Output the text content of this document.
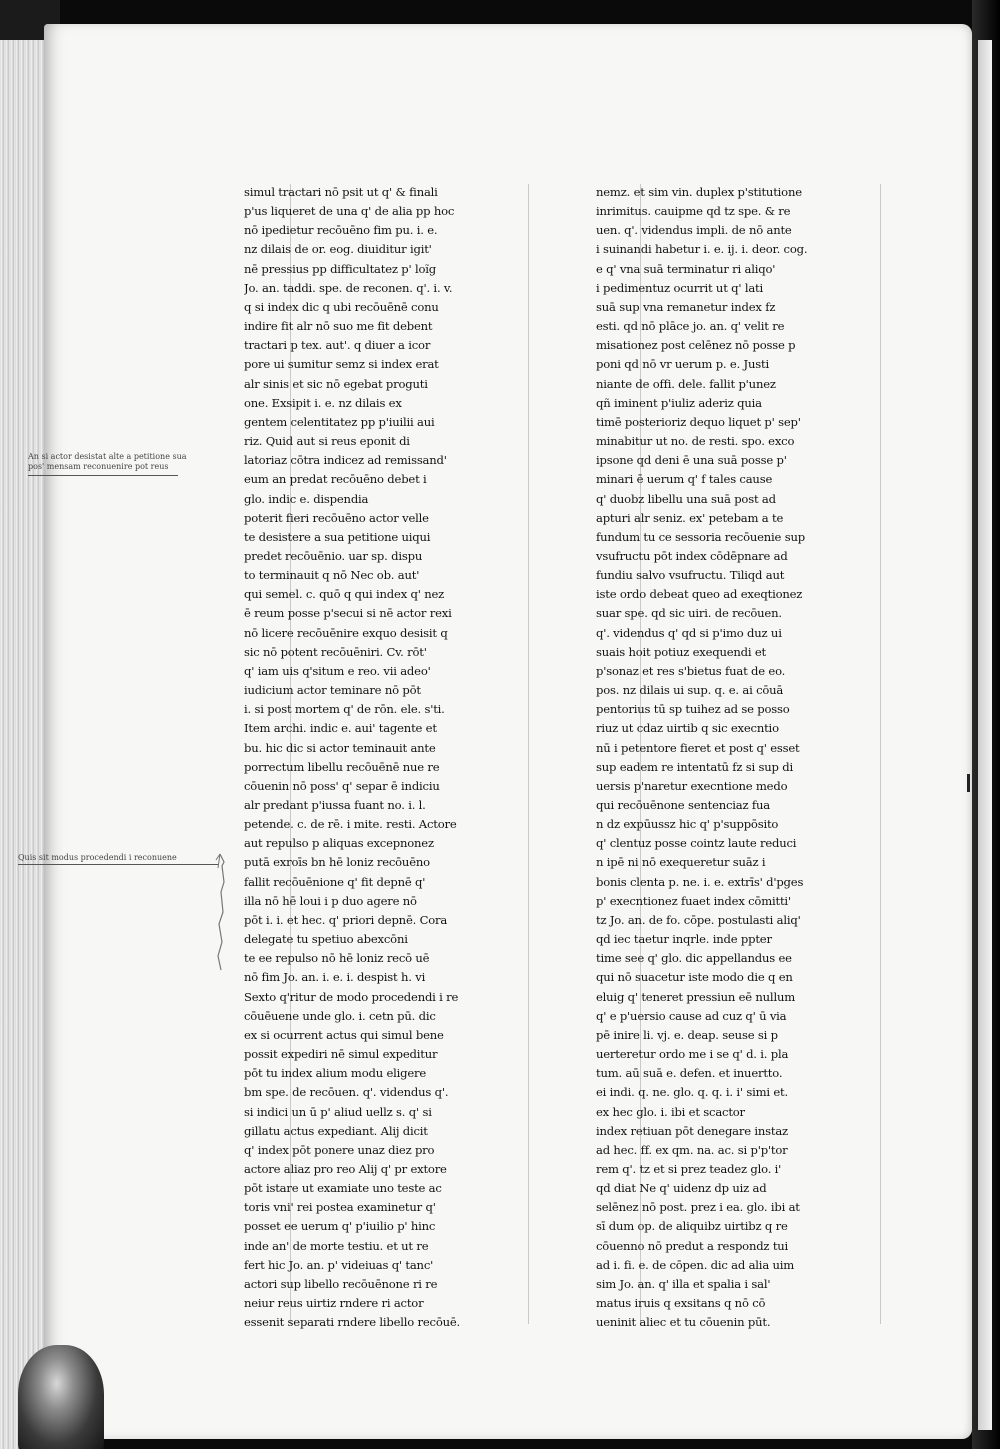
An si actor desistat alte a petitione sua
pos' mensam reconuenire pot reus
Quis sit modus procedendi i reconuene
simul tractari nō psit ut q' & finali
p'us liqueret de una q' de alia pp hoc
nō ipedietur recōuēno fim pu. i. e.
nz dilais de or. eog. diuiditur igit'
nē pressius pp difficultatez p' loĩg
Jo. an. taddi. spe. de reconen. q'. i. v.
q si index dic q ubi recōuēnē conu
indire fit alr nō suo me fit debent
tractari p tex. aut'. q diuer a icor
pore ui sumitur semz si index erat
alr sinis et sic nō egebat proguti
one. Exsipit i. e. nz dilais ex
gentem celentitatez pp p'iuilii aui
riz. Quid aut si reus eponit di
latoriaz cōtra indicez ad remissand'
eum an predat recōuēno debet i
glo. indic e. dispendia
poterit fieri recōuēno actor velle
te desistere a sua petitione uiqui
predet recōuēnio. uar sp. dispu
to terminauit q nō Nec ob. aut'
qui semel. c. quō q qui index q' nez
ē reum posse p'secui si nē actor rexi
nō licere recōuēnire exquo desisit q
sic nō potent recōuēniri. Cv. rōt'
q' iam uis q'situm e reo. vii adeo'
iudicium actor teminare nō pōt
i. si post mortem q' de rōn. ele. s'ti.
Item archi. indic e. aui' tagente et
bu. hic dic si actor teminauit ante
porrectum libellu recōuēnē nue re
cōuenin nō poss' q' separ ē indiciu
alr predant p'iussa fuant no. i. l.
petende. c. de rē. i mite. resti. Actore
aut repulso p aliquas excepnonez
putā exroīs bn hē loniz recōuēno
fallit recōuēnione q' fit depnē q'
illa nō hē loui i p duo agere nō
pōt i. i. et hec. q' priori depnē. Cora
delegate tu spetiuo abexcōni
te ee repulso nō hē loniz recō uē
nō fim Jo. an. i. e. i. despist h. vi
Sexto q'ritur de modo procedendi i re
cōuēuene unde glo. i. cetn pū. dic
ex si ocurrent actus qui simul bene
possit expediri nē simul expeditur
pōt tu index alium modu eligere
bm spe. de recōuen. q'. videndus q'.
si indici un ū p' aliud uellz s. q' si
gillatu actus expediant. Alij dicit
q' index pōt ponere unaz diez pro
actore aliaz pro reo Alij q' pr extore
pōt istare ut examiate uno teste ac
toris vni' rei postea examinetur q'
posset ee uerum q' p'iuilio p' hinc
inde an' de morte testiu. et ut re
fert hic Jo. an. p' videiuas q' tanc'
actori sup libello recōuēnone ri re
neiur reus uirtiz rndere ri actor
essenit separati rndere libello recōuē.
nemz. et sim vin. duplex p'stitutione
inrimitus. cauipme qd tz spe. & re
uen. q'. videndus impli. de nō ante
i suinandi habetur i. e. ij. i. deor. cog.
e q' vna suā terminatur ri aliqo'
i pedimentuz ocurrit ut q' lati
suā sup vna remanetur index fz
esti. qd nō plāce jo. an. q' velit re
misationez post celēnez nō posse p
poni qd nō vr uerum p. e. Justi
niante de offi. dele. fallit p'unez
qñ iminent p'iuliz aderiz quia
timē posterioriz dequo liquet p' sep'
minabitur ut no. de resti. spo. exco
ipsone qd deni ē una suā posse p'
minari ē uerum q' f tales cause
q' duobz libellu una suā post ad
apturi alr seniz. ex' petebam a te
fundum tu ce sessoria recōuenie sup
vsufructu pōt index cōdēpnare ad
fundiu salvo vsufructu. Tiliqd aut
iste ordo debeat queo ad exeqtionez
suar spe. qd sic uiri. de recōuen.
q'. videndus q' qd si p'imo duz ui
suais hoit potiuz exequendi et
p'sonaz et res s'bietus fuat de eo.
pos. nz dilais ui sup. q. e. ai cōuā
pentorius tū sp tuihez ad se posso
riuz ut cdaz uirtib q sic execntio
nū i petentore fieret et post q' esset
sup eadem re intentatū fz si sup di
uersis p'naretur execntione medo
qui recōuēnone sentenciaz fua
n dz expūussz hic q' p'suppōsito
q' clentuz posse cointz laute reduci
n ipē ni nō exequeretur suāz i
bonis clenta p. ne. i. e. extrīs' d'pges
p' execntionez fuaet index cōmitti'
tz Jo. an. de fo. cōpe. postulasti aliq'
qd iec taetur inqrle. inde ppter
time see q' glo. dic appellandus ee
qui nō suacetur iste modo die q en
eluig q' teneret pressiun eē nullum
q' e p'uersio cause ad cuz q' ū via
pē inire li. vj. e. deap. seuse si p
uerteretur ordo me i se q' d. i. pla
tum. aū suā e. defen. et inuertto.
ei indi. q. ne. glo. q. q. i. i' simi et.
ex hec glo. i. ibi et scactor
index retiuan pōt denegare instaz
ad hec. ff. ex qm. na. ac. si p'p'tor
rem q'. tz et si prez teadez glo. i'
qd diat Ne q' uidenz dp uiz ad
selēnez nō post. prez i ea. glo. ibi at
sī dum op. de aliquibz uirtibz q re
cōuenno nō predut a respondz tui
ad i. fi. e. de cōpen. dic ad alia uim
sim Jo. an. q' illa et spalia i sal'
matus iruis q exsitans q nō cō
ueninit aliec et tu cōuenin pūt.
